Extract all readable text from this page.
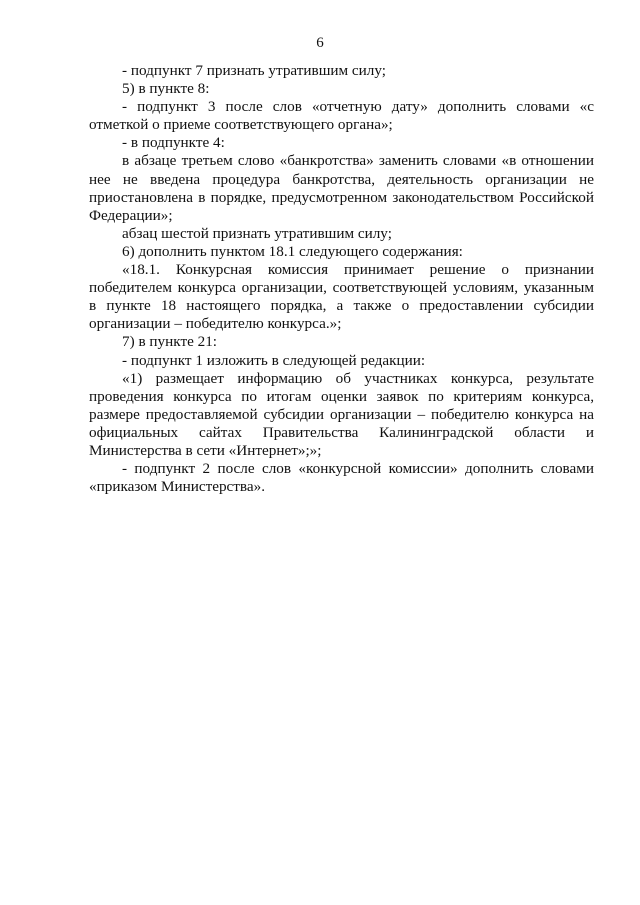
6

- подпункт 7 признать утратившим силу;

5) в пункте 8:

- подпункт 3 после слов «отчетную дату» дополнить словами «с отметкой о приеме соответствующего органа»;

- в подпункте 4:

в абзаце третьем слово «банкротства» заменить словами «в отношении нее не введена процедура банкротства, деятельность организации не приостановлена в порядке, предусмотренном законодательством Российской Федерации»;

абзац шестой признать утратившим силу;

6) дополнить пунктом 18.1 следующего содержания:

«18.1. Конкурсная комиссия принимает решение о признании победителем конкурса организации, соответствующей условиям, указанным в пункте 18 настоящего порядка, а также о предоставлении субсидии организации – победителю конкурса.»;

7) в пункте 21:

- подпункт 1 изложить в следующей редакции:

«1) размещает информацию об участниках конкурса, результате проведения конкурса по итогам оценки заявок по критериям конкурса, размере предоставляемой субсидии организации – победителю конкурса на официальных сайтах Правительства Калининградской области и Министерства в сети «Интернет»;»;

- подпункт 2 после слов «конкурсной комиссии» дополнить словами «приказом Министерства».
